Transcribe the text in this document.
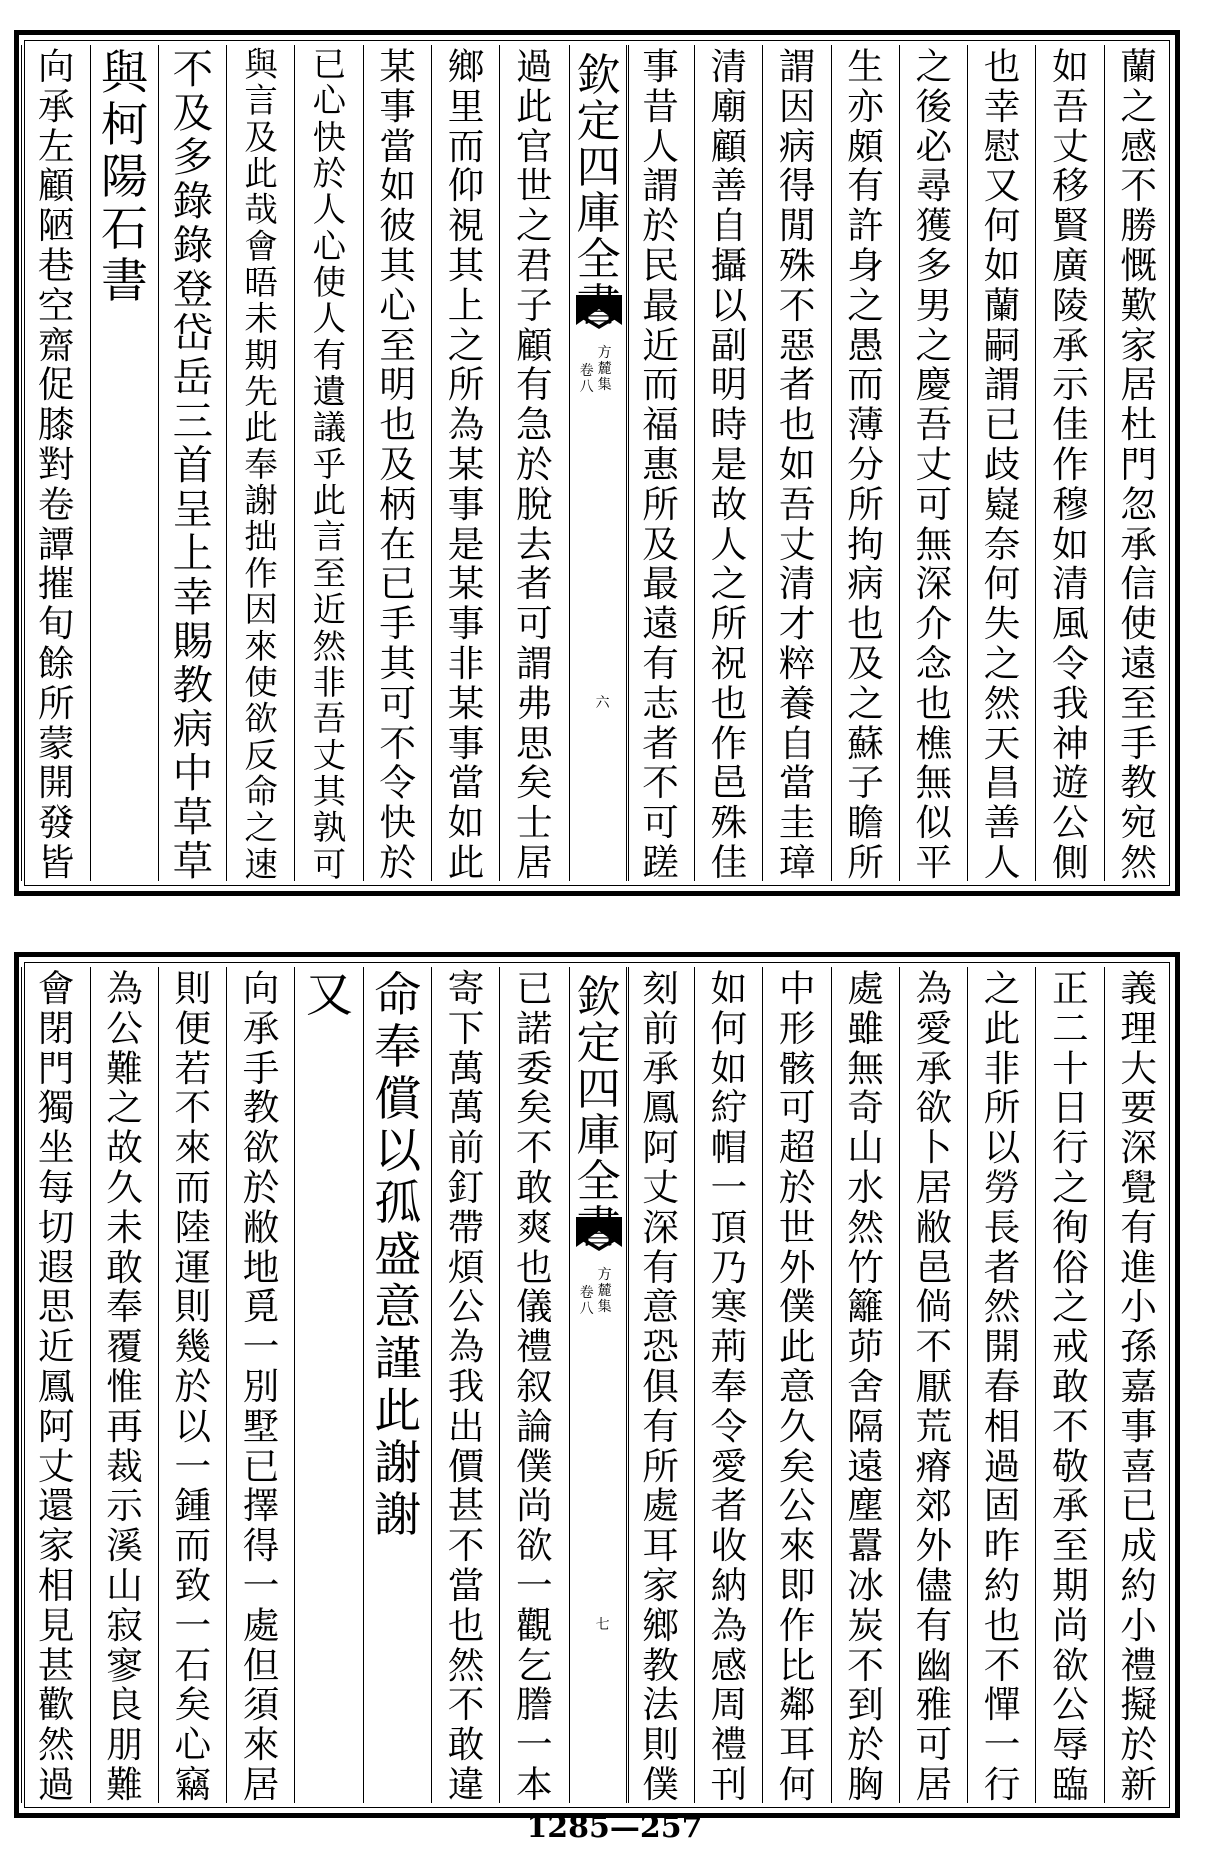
蘭
之
感
不
勝
慨
歎
家
居
杜
門
忽
承
信
使
遠
至
手
教
宛
然
如
吾
丈
移
賢
廣
陵
承
示
佳
作
穆
如
清
風
令
我
神
遊
公
側
也
幸
慰
又
何
如
蘭
嗣
謂
已
歧
嶷
奈
何
失
之
然
天
昌
善
人
之
後
必
尋
獲
多
男
之
慶
吾
丈
可
無
深
介
念
也
樵
無
似
平
生
亦
頗
有
許
身
之
愚
而
薄
分
所
拘
病
也
及
之
蘇
子
瞻
所
謂
因
病
得
閒
殊
不
惡
者
也
如
吾
丈
清
才
粹
養
自
當
圭
璋
清
廟
顧
善
自
攝
以
副
明
時
是
故
人
之
所
祝
也
作
邑
殊
佳
事
昔
人
謂
於
民
最
近
而
福
惠
所
及
最
遠
有
志
者
不
可
蹉
欽
定
四
庫
全
方
麓
集
卷
八
六
過
此
官
世
之
君
子
顧
有
急
於
脫
去
者
可
謂
弗
思
矣
士
居
鄉
里
而
仰
視
其
上
之
所
為
某
事
是
某
事
非
某
事
當
如
此
某
事
當
如
彼
其
心
至
明
也
及
柄
在
已
手
其
可
不
令
快
於
已
心
快
於
人
心
使
人
有
遺
議
乎
此
言
至
近
然
非
吾
丈
其
孰
可
與
言
及
此
哉
會
晤
未
期
先
此
奉
謝
拙
作
因
來
使
欲
反
命
之
速
不
及
多
錄
錄
登
岱
岳
三
首
呈
上
幸
賜
教
病
中
草
草
與
柯
陽
石
書
向
承
左
顧
陋
巷
空
齋
促
膝
對
卷
譚
摧
旬
餘
所
蒙
開
發
皆
義
理
大
要
深
覺
有
進
小
孫
嘉
事
喜
已
成
約
小
禮
擬
於
新
正
二
十
日
行
之
徇
俗
之
戒
敢
不
敬
承
至
期
尚
欲
公
辱
臨
之
此
非
所
以
勞
長
者
然
開
春
相
過
固
昨
約
也
不
憚
一
行
為
愛
承
欲
卜
居
敝
邑
倘
不
厭
荒
瘠
郊
外
儘
有
幽
雅
可
居
處
雖
無
奇
山
水
然
竹
籬
茆
舍
隔
遠
塵
囂
冰
炭
不
到
於
胸
中
形
骸
可
超
於
世
外
僕
此
意
久
矣
公
來
即
作
比
鄰
耳
何
如
何
如
紵
帽
一
頂
乃
寒
荊
奉
令
愛
者
收
納
為
感
周
禮
刊
刻
前
承
鳳
阿
丈
深
有
意
恐
俱
有
所
處
耳
家
鄉
教
法
則
僕
欽
定
四
庫
全
方
麓
集
卷
八
七
已
諾
委
矣
不
敢
爽
也
儀
禮
叙
論
僕
尚
欲
一
觀
乞
謄
一
本
寄
下
萬
萬
前
釘
帶
煩
公
為
我
出
價
甚
不
當
也
然
不
敢
違
命
奉
償
以
孤
盛
意
謹
此
謝
謝
又
向
承
手
教
欲
於
敝
地
覓
一
別
墅
已
擇
得
一
處
但
須
來
居
則
便
若
不
來
而
陸
運
則
幾
於
以
一
鍾
而
致
一
石
矣
心
竊
為
公
難
之
故
久
未
敢
奉
覆
惟
再
裁
示
溪
山
寂
寥
良
朋
難
會
閉
門
獨
坐
每
切
遐
思
近
鳳
阿
丈
還
家
相
見
甚
歡
然
過
1285—257
